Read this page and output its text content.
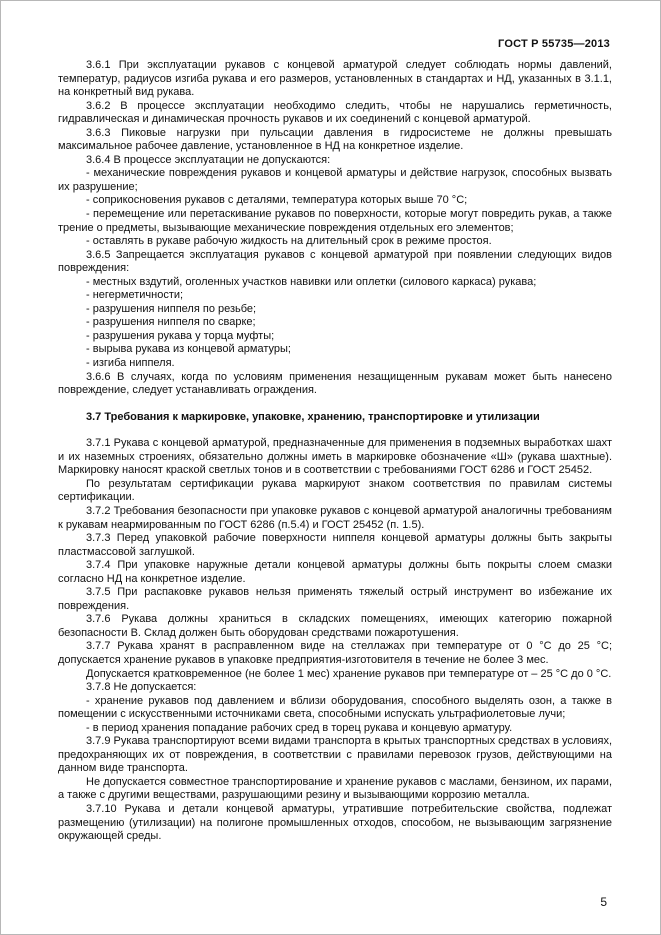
ГОСТ Р 55735—2013

3.6.1 При эксплуатации рукавов с концевой арматурой следует соблюдать нормы давлений, температур, радиусов изгиба рукава и его размеров, установленных в стандартах и НД, указанных в 3.1.1, на конкретный вид рукава.

3.6.2 В процессе эксплуатации необходимо следить, чтобы не нарушались герметичность, гидравлическая и динамическая прочность рукавов и их соединений с концевой арматурой.

3.6.3 Пиковые нагрузки при пульсации давления в гидросистеме не должны превышать максимальное рабочее давление, установленное в НД на конкретное изделие.

3.6.4 В процессе эксплуатации не допускаются:

- механические повреждения рукавов и концевой арматуры и действие нагрузок, способных вызвать их разрушение;

- соприкосновения рукавов с деталями, температура которых выше 70 °С;

- перемещение или перетаскивание рукавов по поверхности, которые могут повредить рукав, а также трение о предметы, вызывающие механические повреждения отдельных его элементов;

- оставлять в рукаве рабочую жидкость на длительный срок в режиме простоя.

3.6.5 Запрещается эксплуатация рукавов с концевой арматурой при появлении следующих видов повреждения:

- местных вздутий, оголенных участков навивки или оплетки (силового каркаса) рукава;

- негерметичности;

- разрушения ниппеля по резьбе;

- разрушения ниппеля по сварке;

- разрушения рукава у торца муфты;

- вырыва рукава из концевой арматуры;

- изгиба ниппеля.

3.6.6 В случаях, когда по условиям применения незащищенным рукавам может быть нанесено повреждение, следует устанавливать ограждения.

3.7 Требования к маркировке, упаковке, хранению, транспортировке и утилизации

3.7.1 Рукава с концевой арматурой, предназначенные для применения в подземных выработках шахт и их наземных строениях, обязательно должны иметь в маркировке обозначение «Ш» (рукава шахтные). Маркировку наносят краской светлых тонов и в соответствии с требованиями ГОСТ 6286 и ГОСТ 25452.

По результатам сертификации рукава маркируют знаком соответствия по правилам системы сертификации.

3.7.2 Требования безопасности при упаковке рукавов с концевой арматурой аналогичны требованиям к рукавам неармированным по ГОСТ 6286 (п.5.4) и ГОСТ 25452 (п. 1.5).

3.7.3 Перед упаковкой рабочие поверхности ниппеля концевой арматуры должны быть закрыты пластмассовой заглушкой.

3.7.4 При упаковке наружные детали концевой арматуры должны быть покрыты слоем смазки согласно НД на конкретное изделие.

3.7.5 При распаковке рукавов нельзя применять тяжелый острый инструмент во избежание их повреждения.

3.7.6 Рукава должны храниться в складских помещениях, имеющих категорию пожарной безопасности В. Склад должен быть оборудован средствами пожаротушения.

3.7.7 Рукава хранят в расправленном виде на стеллажах при температуре от 0 °С до 25 °С; допускается хранение рукавов в упаковке предприятия-изготовителя в течение не более 3 мес.

Допускается кратковременное (не более 1 мес) хранение рукавов при температуре от – 25 °С до 0 °С.

3.7.8 Не допускается:

- хранение рукавов под давлением и вблизи оборудования, способного выделять озон, а также в помещении с искусственными источниками света, способными испускать ультрафиолетовые лучи;

- в период хранения попадание рабочих сред в торец рукава и концевую арматуру.

3.7.9 Рукава транспортируют всеми видами транспорта в крытых транспортных средствах в условиях, предохраняющих их от повреждения, в соответствии с правилами перевозок грузов, действующими на данном виде транспорта.

Не допускается совместное транспортирование и хранение рукавов с маслами, бензином, их парами, а также с другими веществами, разрушающими резину и вызывающими коррозию металла.

3.7.10 Рукава и детали концевой арматуры, утратившие потребительские свойства, подлежат размещению (утилизации) на полигоне промышленных отходов, способом, не вызывающим загрязнение окружающей среды.

5
